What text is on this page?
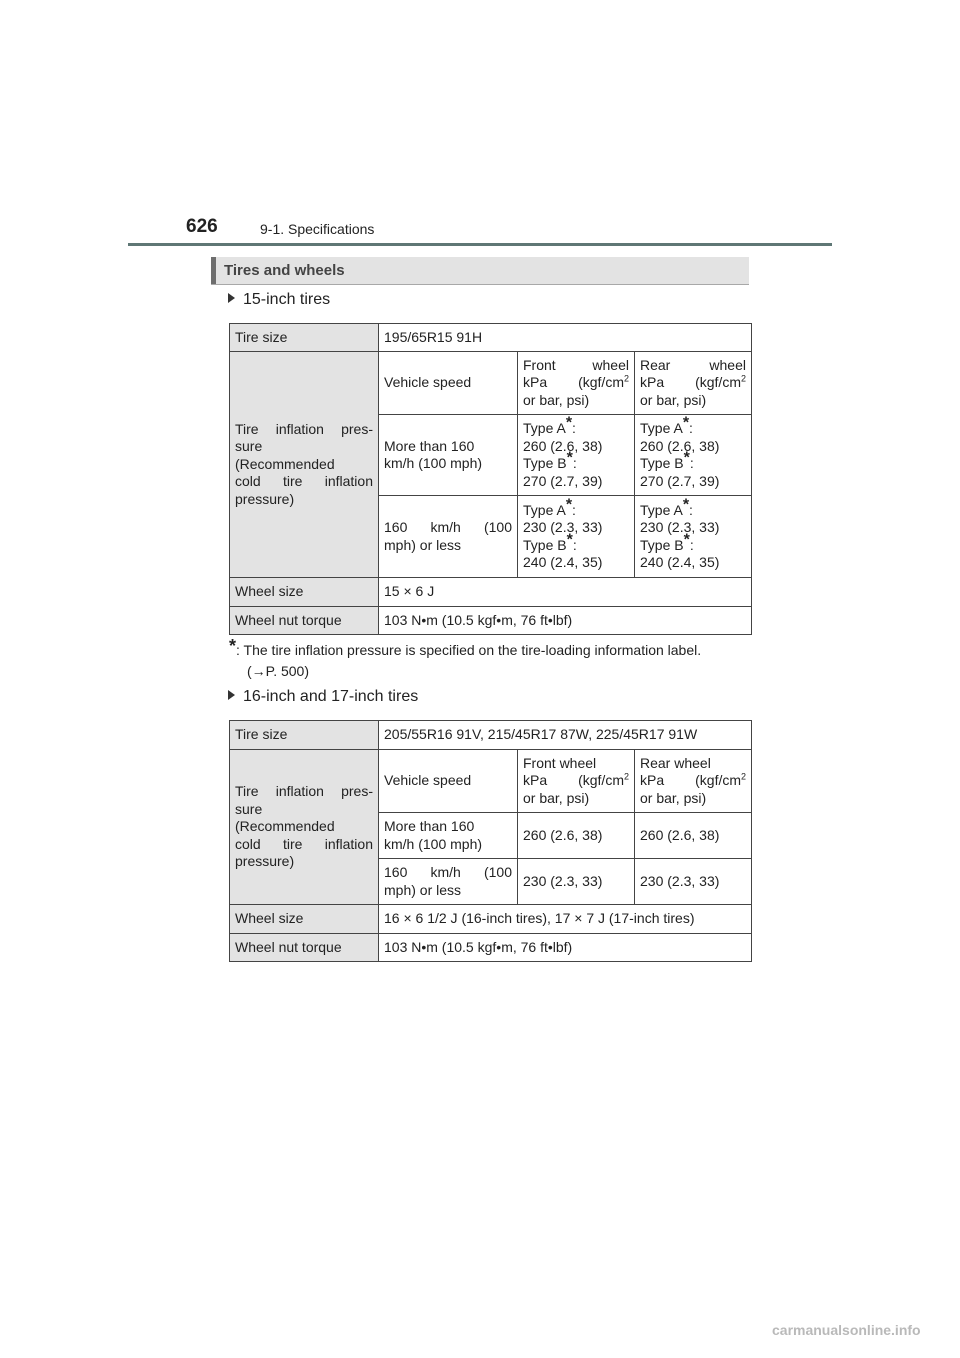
626	9-1. Specifications
Tires and wheels
15-inch tires
Tire size	195/65R15 91H		

Tire inflation pres-
sure
(Recommended
cold tire inflation
pressure)	Vehicle speed	Front wheel
kPa ($kgf/cm^2$
or bar, psi)	Rear wheel
kPa ($kgf/cm^2$
or bar, psi)

	More than 160
km/h (100 mph)	Type A*:
260 (2.6, 38)
Type B*:
270 (2.7, 39)	Type A*:
260 (2.6, 38)
Type B*:
270 (2.7, 39)

	160 km/h (100
mph) or less	Type A*:
230 (2.3, 33)
Type B*:
240 (2.4, 35)	Type A*:
230 (2.3, 33)
Type B*:
240 (2.4, 35)

Wheel size	15 × 6 J		
Wheel nut torque	103 N•m (10.5 kgf•m, 76 ft•lbf)		
*: The tire inflation pressure is specified on the tire-loading information label.
(→P. 500)
16-inch and 17-inch tires
Tire size	205/55R16 91V, 215/45R17 87W, 225/45R17 91W		

Tire inflation pres-
sure
(Recommended
cold tire inflation
pressure)	Vehicle speed	Front wheel
kPa ($kgf/cm^2$
or bar, psi)	Rear wheel
kPa ($kgf/cm^2$
or bar, psi)

	More than 160
km/h (100 mph)	260 (2.6, 38)	260 (2.6, 38)

	160 km/h (100
mph) or less	230 (2.3, 33)	230 (2.3, 33)
Wheel size	16 × 6 1/2 J (16-inch tires), 17 × 7 J (17-inch tires)		
Wheel nut torque	103 N•m (10.5 kgf•m, 76 ft•lbf)		
carmanualsonline.info
